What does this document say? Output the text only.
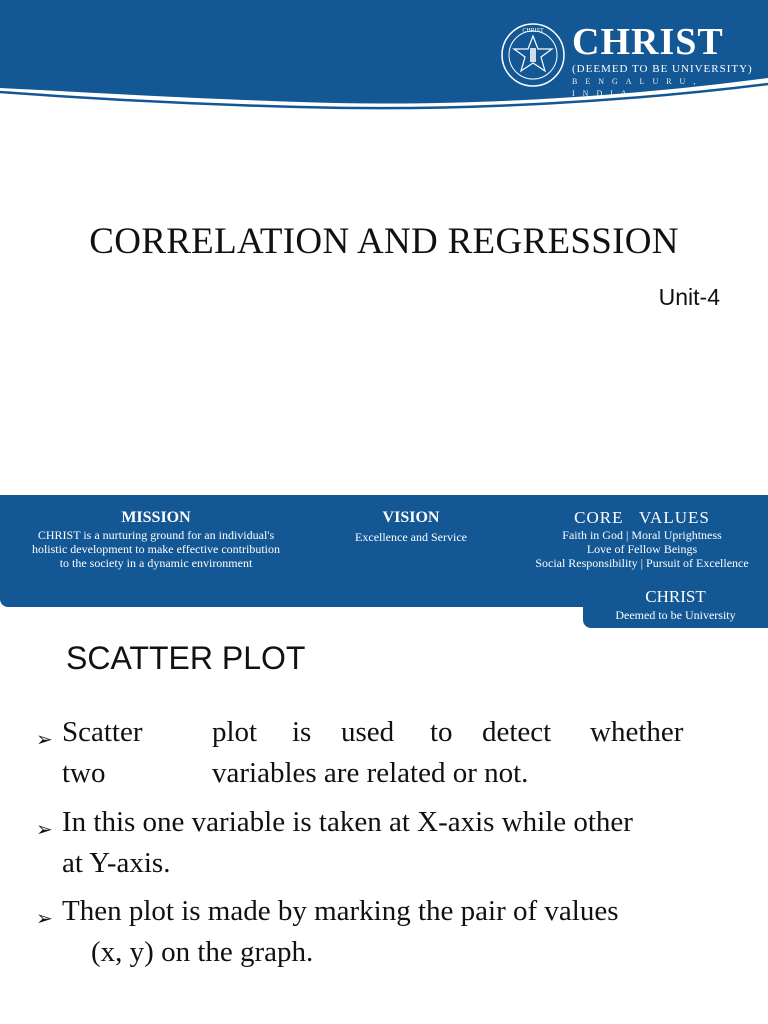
CHRIST CHRIST
(DEEMED TO BE UNIVERSITY)
BENGALURU, INDIA
CORRELATION AND REGRESSION
Unit-4
MISSION

CHRIST is a nurturing ground for an individual's

holistic development to make effective contribution

to the society in a dynamic environment

VISION

Excellence and Service

CORE   VALUES

Faith in God | Moral Uprightness

Love of Fellow Beings

Social Responsibility | Pursuit of Excellence

CHRIST
Deemed to be University
SCATTER PLOT
➢ Scatter plot is used to detect whether
two	variables are related or not.
➢ In this one variable is taken at X-axis while other
at Y-axis.
➢ Then plot is made by marking the pair of values
(x, y) on the graph.
